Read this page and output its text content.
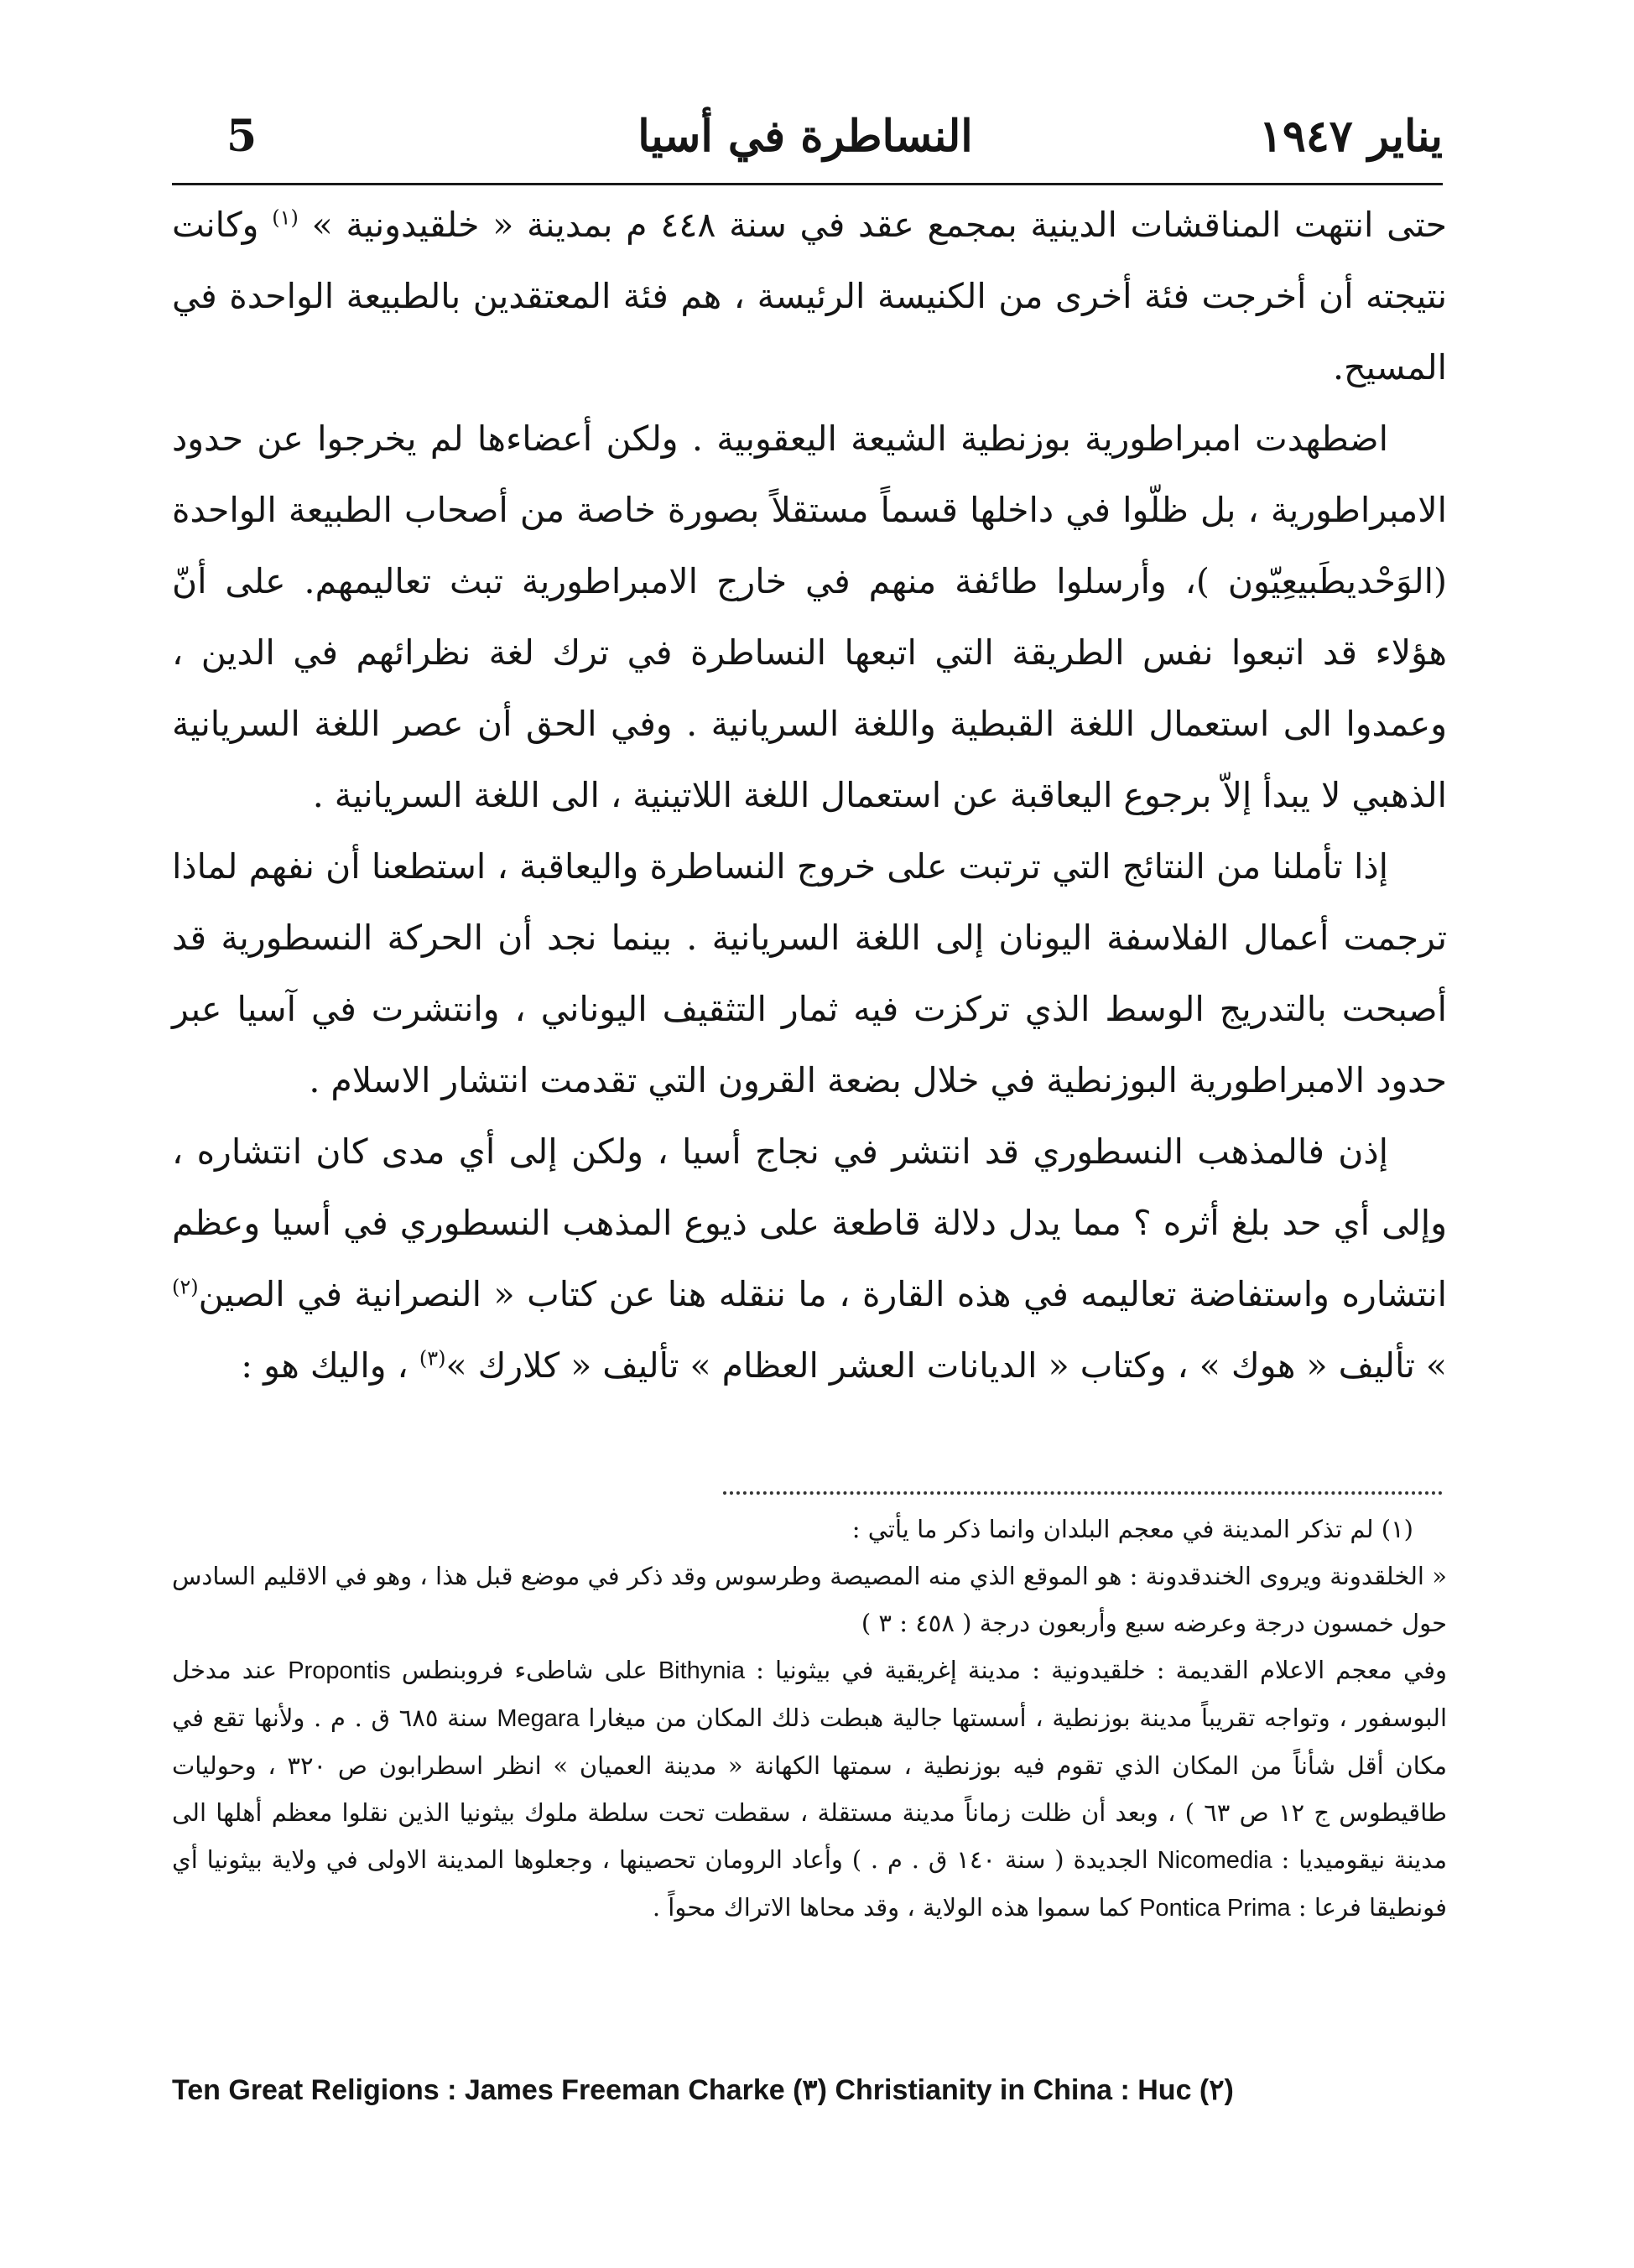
يناير ١٩٤٧
النساطرة في أسيا
5

حتى انتهت المناقشات الدينية بمجمع عقد في سنة ٤٤٨ م بمدينة « خلقيدونية » $^{(١)}$ وكانت نتيجته أن أخرجت فئة أخرى من الكنيسة الرئيسة ، هم فئة المعتقدين بالطبيعة الواحدة في المسيح.

اضطهدت امبراطورية بوزنطية الشيعة اليعقوبية . ولكن أعضاءها لم يخرجوا عن حدود الامبراطورية ، بل ظلّوا في داخلها قسماً مستقلاً بصورة خاصة من أصحاب الطبيعة الواحدة (الوَحْديطَبيعِيّون )، وأرسلوا طائفة منهم في خارج الامبراطورية تبث تعاليمهم. على أنّ هؤلاء قد اتبعوا نفس الطريقة التي اتبعها النساطرة في ترك لغة نظرائهم في الدين ، وعمدوا الى استعمال اللغة القبطية واللغة السريانية . وفي الحق أن عصر اللغة السريانية الذهبي لا يبدأ إلاّ برجوع اليعاقبة عن استعمال اللغة اللاتينية ، الى اللغة السريانية .

إذا تأملنا من النتائج التي ترتبت على خروج النساطرة واليعاقبة ، استطعنا أن نفهم لماذا ترجمت أعمال الفلاسفة اليونان إلى اللغة السريانية . بينما نجد أن الحركة النسطورية قد أصبحت بالتدريج الوسط الذي تركزت فيه ثمار التثقيف اليوناني ، وانتشرت في آسيا عبر حدود الامبراطورية البوزنطية في خلال بضعة القرون التي تقدمت انتشار الاسلام .

إذن فالمذهب النسطوري قد انتشر في نجاج أسيا ، ولكن إلى أي مدى كان انتشاره ، وإلى أي حد بلغ أثره ؟ مما يدل دلالة قاطعة على ذيوع المذهب النسطوري في أسيا وعظم انتشاره واستفاضة تعاليمه في هذه القارة ، ما ننقله هنا عن كتاب « النصرانية في الصين$^{(٢)}$ » تأليف « هوك » ، وكتاب « الديانات العشر العظام » تأليف « كلارك »$^{(٣)}$ ، واليك هو :

(١) لم تذكر المدينة في معجم البلدان وانما ذكر ما يأتي :

« الخلقدونة ويروى الخندقدونة : هو الموقع الذي منه المصيصة وطرسوس وقد ذكر في موضع قبل هذا ، وهو في الاقليم السادس حول خمسون درجة وعرضه سبع وأربعون درجة ( ٤٥٨ : ٣ )

وفي معجم الاعلام القديمة : خلقيدونية : مدينة إغريقية في بيثونيا : Bithynia على شاطىء فروبنطس Propontis عند مدخل البوسفور ، وتواجه تقريباً مدينة بوزنطية ، أسستها جالية هبطت ذلك المكان من ميغارا Megara سنة ٦٨٥ ق . م . ولأنها تقع في مكان أقل شأناً من المكان الذي تقوم فيه بوزنطية ، سمتها الكهانة « مدينة العميان » انظر اسطرابون ص ٣٢٠ ، وحوليات طاقيطوس ج ١٢ ص ٦٣ ) ، وبعد أن ظلت زماناً مدينة مستقلة ، سقطت تحت سلطة ملوك بيثونيا الذين نقلوا معظم أهلها الى مدينة نيقوميديا : Nicomedia الجديدة ( سنة ١٤٠ ق . م . ) وأعاد الرومان تحصينها ، وجعلوها المدينة الاولى في ولاية بيثونيا أي فونطيقا فرعا : Pontica Prima كما سموا هذه الولاية ، وقد محاها الاتراك محواً .

Ten Great Religions : James Freeman Charke (٣) Christianity in China : Huc (٢)
